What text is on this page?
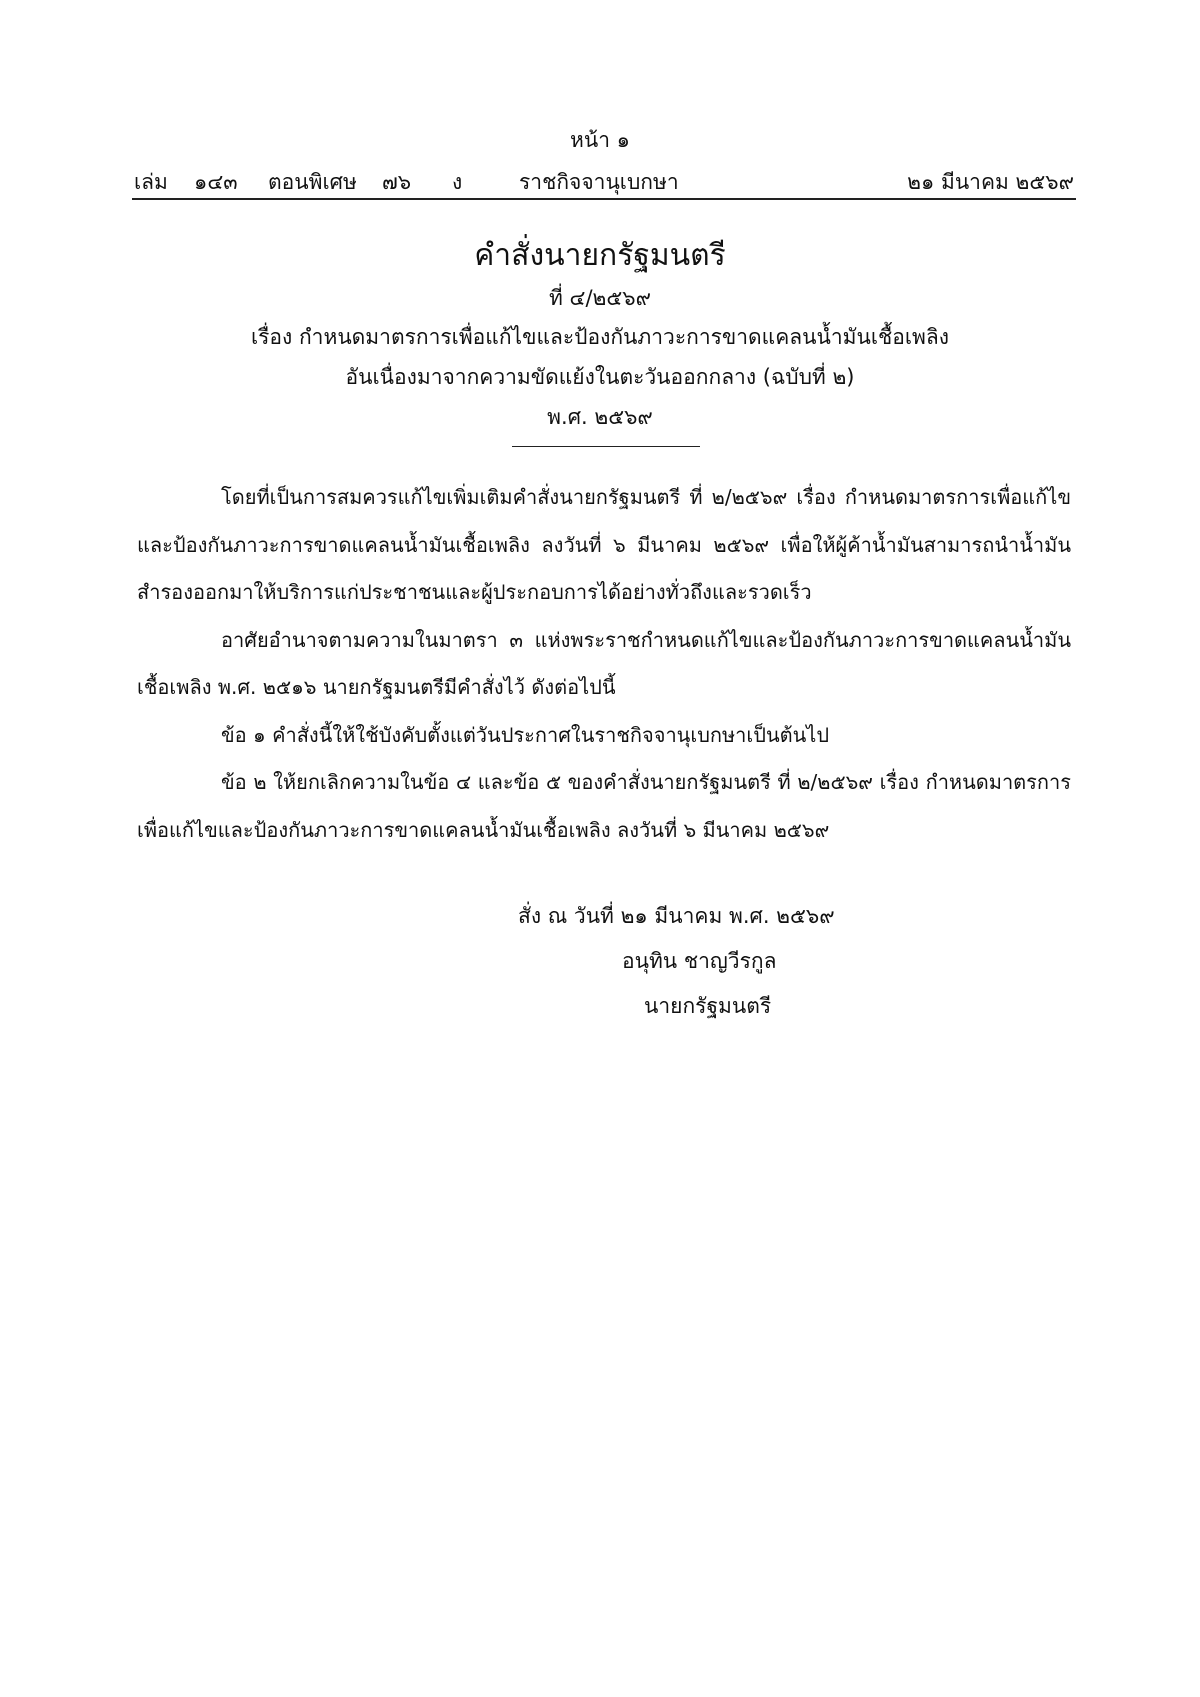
หน้า ๑
เล่ม ๑๔๓ ตอนพิเศษ ๗๖ ง	ราชกิจจานุเบกษา	๒๑ มีนาคม ๒๕๖๙
คำสั่งนายกรัฐมนตรี
ที่ ๔/๒๕๖๙
เรื่อง กำหนดมาตรการเพื่อแก้ไขและป้องกันภาวะการขาดแคลนน้ำมันเชื้อเพลิง
อันเนื่องมาจากความขัดแย้งในตะวันออกกลาง (ฉบับที่ ๒)
พ.ศ. ๒๕๖๙

โดยที่เป็นการสมควรแก้ไขเพิ่มเติมคำสั่งนายกรัฐมนตรี ที่ ๒/๒๕๖๙ เรื่อง กำหนดมาตรการเพื่อแก้ไขและป้องกันภาวะการขาดแคลนน้ำมันเชื้อเพลิง ลงวันที่ ๖ มีนาคม ๒๕๖๙ เพื่อให้ผู้ค้าน้ำมันสามารถนำน้ำมันสำรองออกมาให้บริการแก่ประชาชนและผู้ประกอบการได้อย่างทั่วถึงและรวดเร็ว

อาศัยอำนาจตามความในมาตรา ๓ แห่งพระราชกำหนดแก้ไขและป้องกันภาวะการขาดแคลนน้ำมันเชื้อเพลิง พ.ศ. ๒๕๑๖ นายกรัฐมนตรีมีคำสั่งไว้ ดังต่อไปนี้

ข้อ ๑ คำสั่งนี้ให้ใช้บังคับตั้งแต่วันประกาศในราชกิจจานุเบกษาเป็นต้นไป

ข้อ ๒ ให้ยกเลิกความในข้อ ๔ และข้อ ๕ ของคำสั่งนายกรัฐมนตรี ที่ ๒/๒๕๖๙ เรื่อง กำหนดมาตรการเพื่อแก้ไขและป้องกันภาวะการขาดแคลนน้ำมันเชื้อเพลิง ลงวันที่ ๖ มีนาคม ๒๕๖๙

สั่ง ณ วันที่ ๒๑ มีนาคม พ.ศ. ๒๕๖๙
อนุทิน ชาญวีรกูล
นายกรัฐมนตรี
